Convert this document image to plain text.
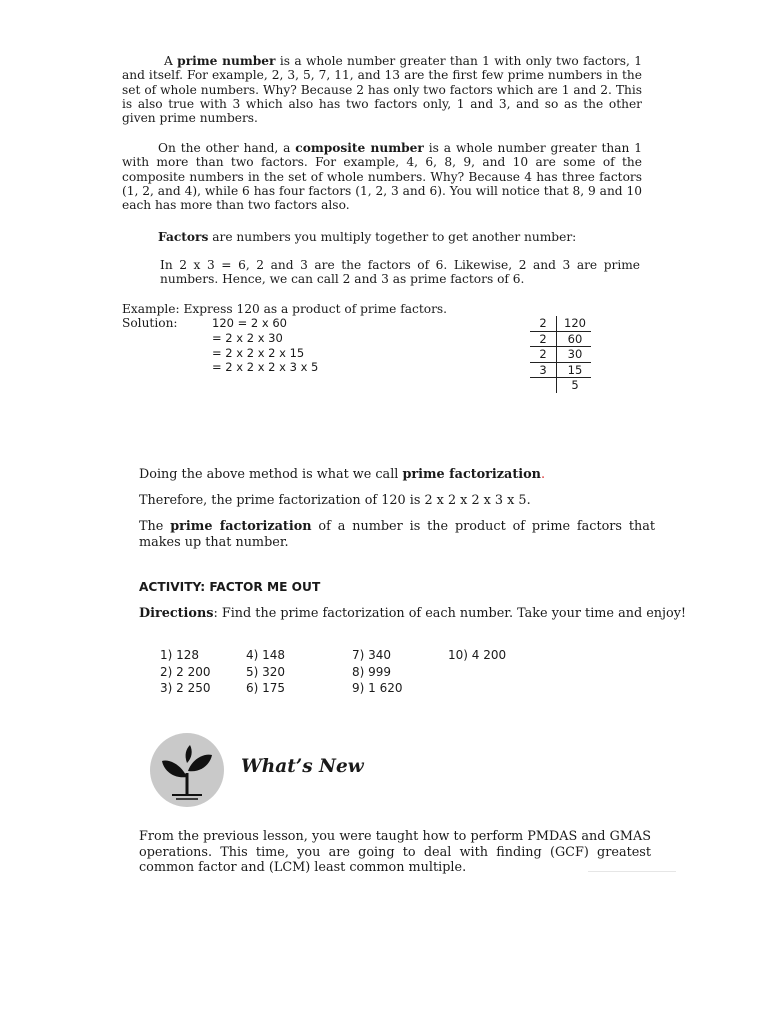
A prime number is a whole number greater than 1 with only two factors, 1 and itself. For example, 2, 3, 5, 7, 11, and 13 are the first few prime numbers in the set of whole numbers. Why? Because 2 has only two factors which are 1 and 2. This is also true with 3 which also has two factors only, 1 and 3, and so as the other given prime numbers.

On the other hand, a composite number is a whole number greater than 1 with more than two factors. For example, 4, 6, 8, 9, and 10 are some of the composite numbers in the set of whole numbers. Why? Because 4 has three factors (1, 2, and 4), while 6 has four factors (1, 2, 3 and 6). You will notice that 8, 9 and 10 each has more than two factors also.

Factors are numbers you multiply together to get another number:

In 2 x 3 = 6, 2 and 3 are the factors of 6. Likewise, 2 and 3 are prime numbers. Hence, we can call 2 and 3 as prime factors of 6.

Example: Express 120 as a product of prime factors.

Solution:	120 = 2 x 60
= 2 x 2 x 30
= 2 x 2 x 2 x 15
= 2 x 2 x 2 x 3 x 5
2	120
2	60
2	30
3	15
	5

Doing the above method is what we call prime factorization.

Therefore, the prime factorization of 120 is 2 x 2 x 2 x 3 x 5.

The prime factorization of a number is the product of prime factors that makes up that number.

ACTIVITY: FACTOR ME OUT

Directions: Find the prime factorization of each number. Take your time and enjoy!

1) 128	4) 148	7) 340	10) 4 200
2) 2 200	5) 320	8) 999
3) 2 250	6) 175	9) 1 620
What’s New

From the previous lesson, you were taught how to perform PMDAS and GMAS operations. This time, you are going to deal with finding (GCF) greatest common factor and (LCM) least common multiple.
